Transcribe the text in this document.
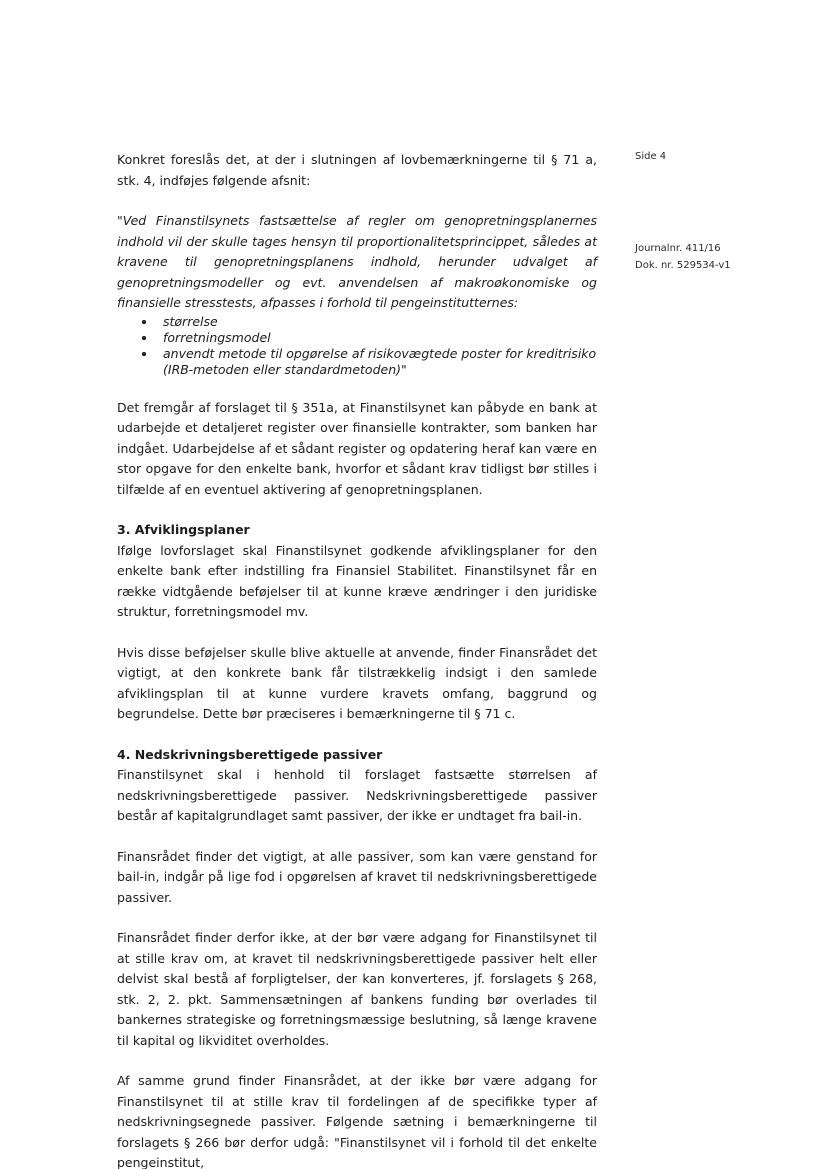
Side 4
Journalnr. 411/16
Dok. nr. 529534-v1

Konkret foreslås det, at der i slutningen af lovbemærkningerne til § 71 a, stk. 4, indføjes følgende afsnit:

"Ved Finanstilsynets fastsættelse af regler om genopretningsplanernes indhold vil der skulle tages hensyn til proportionalitetsprincippet, således at kravene til genopretningsplanens indhold, herunder udvalget af genopretningsmodeller og evt. anvendelsen af makroøkonomiske og finansielle stresstests, afpasses i forhold til pengeinstitutternes:

• størrelse
• forretningsmodel
• anvendt metode til opgørelse af risikovægtede poster for kreditrisiko (IRB-metoden eller standardmetoden)"

Det fremgår af forslaget til § 351a, at Finanstilsynet kan påbyde en bank at udarbejde et detaljeret register over finansielle kontrakter, som banken har indgået. Udarbejdelse af et sådant register og opdatering heraf kan være en stor opgave for den enkelte bank, hvorfor et sådant krav tidligst bør stilles i tilfælde af en eventuel aktivering af genopretningsplanen.

3. Afviklingsplaner

Ifølge lovforslaget skal Finanstilsynet godkende afviklingsplaner for den enkelte bank efter indstilling fra Finansiel Stabilitet. Finanstilsynet får en række vidtgående beføjelser til at kunne kræve ændringer i den juridiske struktur, forretningsmodel mv.

Hvis disse beføjelser skulle blive aktuelle at anvende, finder Finansrådet det vigtigt, at den konkrete bank får tilstrækkelig indsigt i den samlede afviklingsplan til at kunne vurdere kravets omfang, baggrund og begrundelse. Dette bør præciseres i bemærkningerne til § 71 c.

4. Nedskrivningsberettigede passiver

Finanstilsynet skal i henhold til forslaget fastsætte størrelsen af nedskrivningsberettigede passiver. Nedskrivningsberettigede passiver består af kapitalgrundlaget samt passiver, der ikke er undtaget fra bail-in.

Finansrådet finder det vigtigt, at alle passiver, som kan være genstand for bail-in, indgår på lige fod i opgørelsen af kravet til nedskrivningsberettigede passiver.

Finansrådet finder derfor ikke, at der bør være adgang for Finanstilsynet til at stille krav om, at kravet til nedskrivningsberettigede passiver helt eller delvist skal bestå af forpligtelser, der kan konverteres, jf. forslagets § 268, stk. 2, 2. pkt. Sammensætningen af bankens funding bør overlades til bankernes strategiske og forretningsmæssige beslutning, så længe kravene til kapital og likviditet overholdes.

Af samme grund finder Finansrådet, at der ikke bør være adgang for Finanstilsynet til at stille krav til fordelingen af de specifikke typer af nedskrivningsegnede passiver. Følgende sætning i bemærkningerne til forslagets § 266 bør derfor udgå: "Finanstilsynet vil i forhold til det enkelte pengeinstitut,
